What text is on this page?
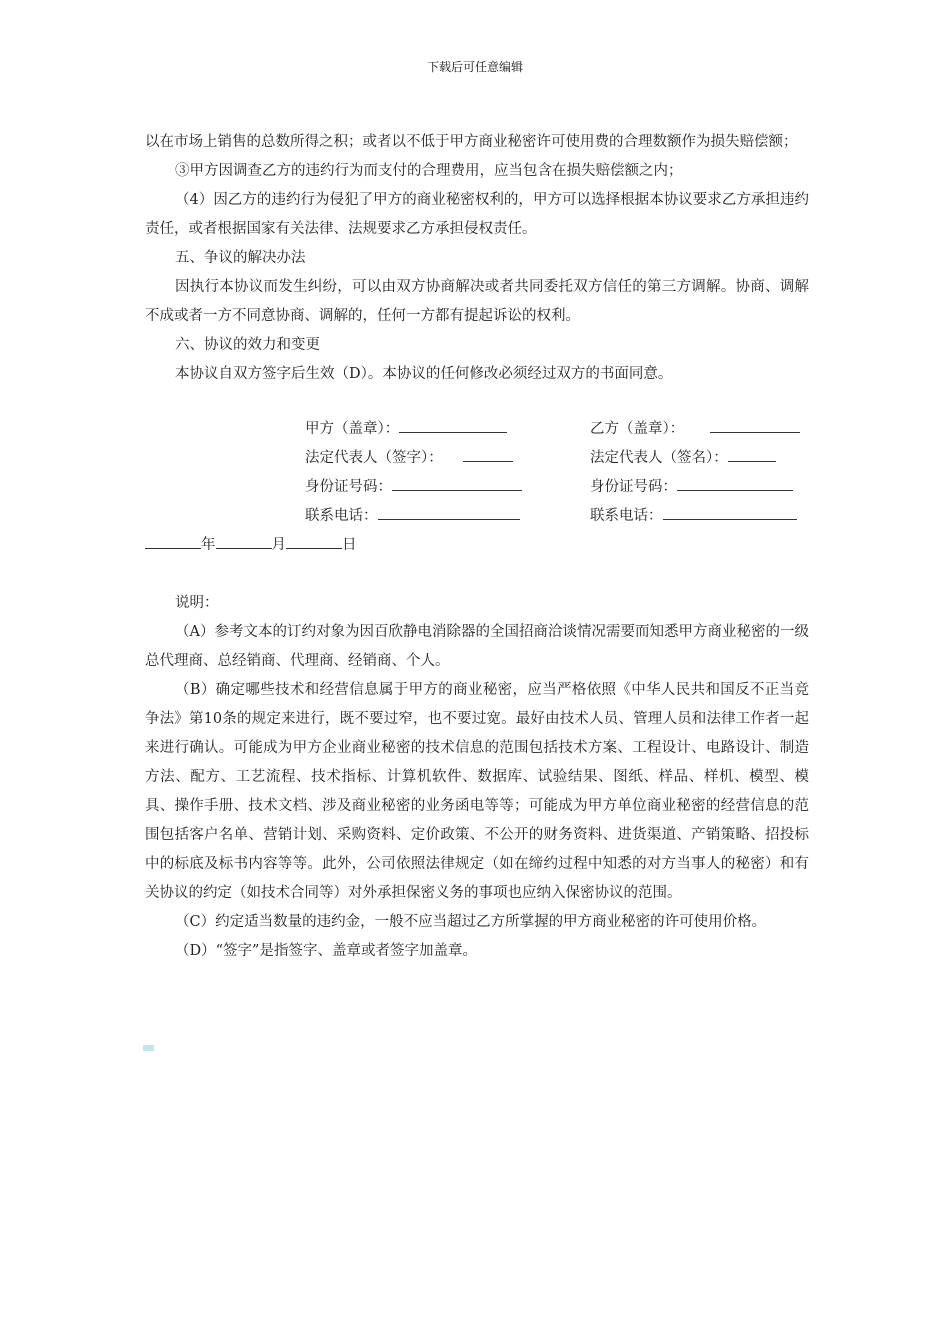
下载后可任意编辑

以在市场上销售的总数所得之积；或者以不低于甲方商业秘密许可使用费的合理数额作为损失赔偿额；

③甲方因调查乙方的违约行为而支付的合理费用，应当包含在损失赔偿额之内；

（4）因乙方的违约行为侵犯了甲方的商业秘密权利的，甲方可以选择根据本协议要求乙方承担违约责任，或者根据国家有关法律、法规要求乙方承担侵权责任。

五、争议的解决办法

因执行本协议而发生纠纷，可以由双方协商解决或者共同委托双方信任的第三方调解。协商、调解不成或者一方不同意协商、调解的，任何一方都有提起诉讼的权利。

六、协议的效力和变更

本协议自双方签字后生效（D）。本协议的任何修改必须经过双方的书面同意。

甲方（盖章）：	乙方（盖章）：
法定代表人（签字）：	法定代表人（签名）：
身份证号码：	身份证号码：
联系电话：	联系电话：
年	月	日

说明：

（A）参考文本的订约对象为因百欣静电消除器的全国招商洽谈情况需要而知悉甲方商业秘密的一级总代理商、总经销商、代理商、经销商、个人。

（B）确定哪些技术和经营信息属于甲方的商业秘密，应当严格依照《中华人民共和国反不正当竞争法》第10条的规定来进行，既不要过窄，也不要过宽。最好由技术人员、管理人员和法律工作者一起来进行确认。可能成为甲方企业商业秘密的技术信息的范围包括技术方案、工程设计、电路设计、制造方法、配方、工艺流程、技术指标、计算机软件、数据库、试验结果、图纸、样品、样机、模型、模具、操作手册、技术文档、涉及商业秘密的业务函电等等；可能成为甲方单位商业秘密的经营信息的范围包括客户名单、营销计划、采购资料、定价政策、不公开的财务资料、进货渠道、产销策略、招投标中的标底及标书内容等等。此外，公司依照法律规定（如在缔约过程中知悉的对方当事人的秘密）和有关协议的约定（如技术合同等）对外承担保密义务的事项也应纳入保密协议的范围。

（C）约定适当数量的违约金，一般不应当超过乙方所掌握的甲方商业秘密的许可使用价格。

（D）“签字”是指签字、盖章或者签字加盖章。
